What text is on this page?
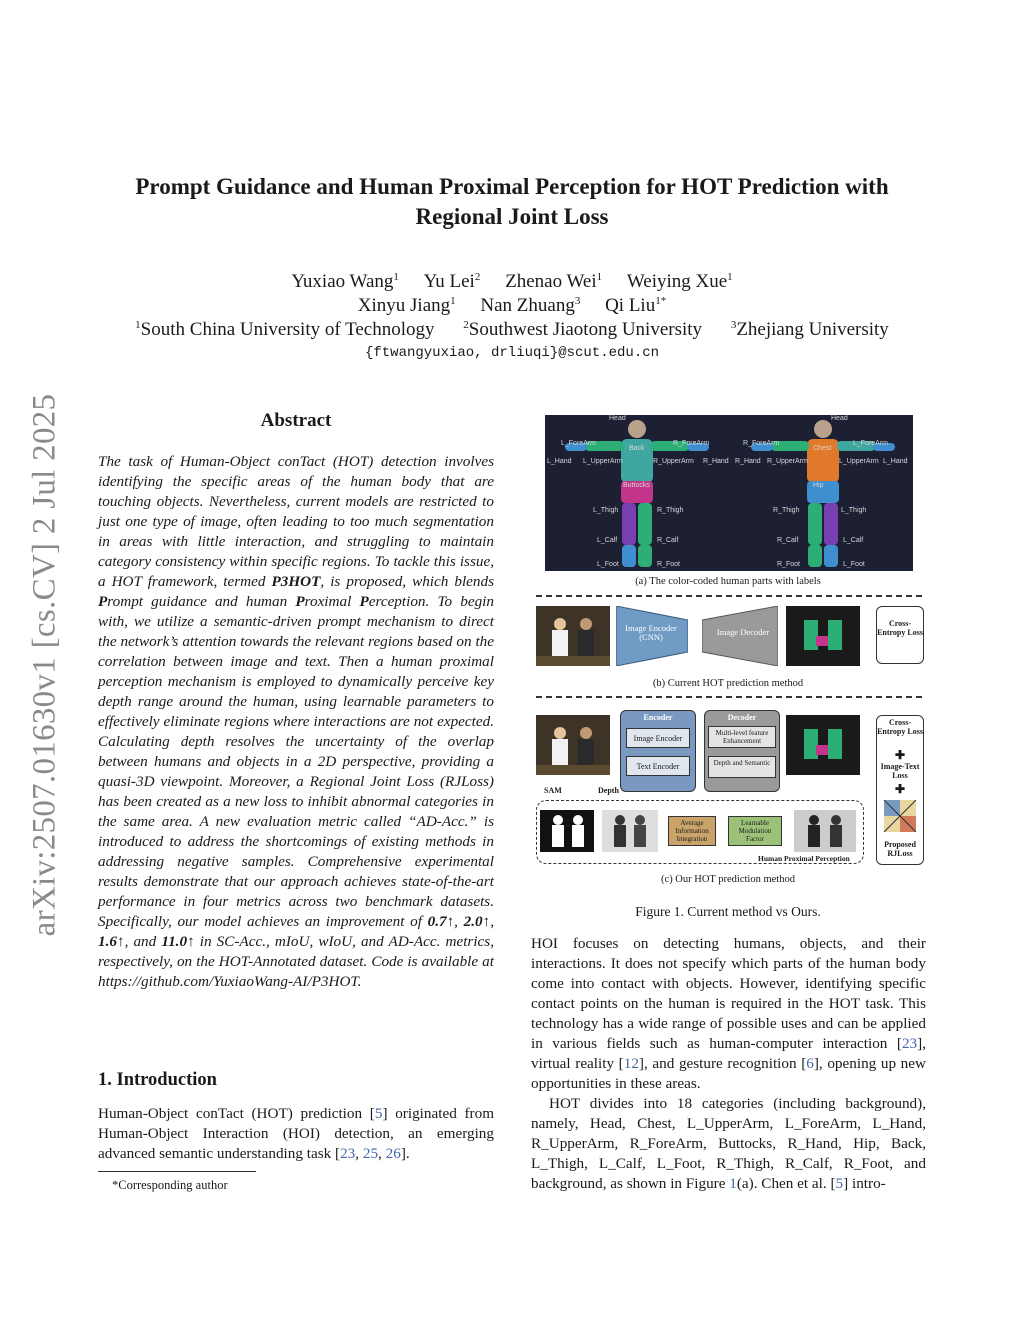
arXiv:2507.01630v1 [cs.CV] 2 Jul 2025
Prompt Guidance and Human Proximal Perception for HOT Prediction with Regional Joint Loss
Yuxiao Wang$^1$ Yu Lei$^2$ Zhenao Wei$^1$ Weiying Xue$^1$
Xinyu Jiang$^1$ Nan Zhuang$^3$ Qi Liu$^{1*}$
$^1$South China University of Technology	$^2$Southwest Jiaotong University	$^3$Zhejiang University
{ftwangyuxiao, drliuqi}@scut.edu.cn
Abstract
The task of Human-Object conTact (HOT) detection involves identifying the specific areas of the human body that are touching objects. Nevertheless, current models are restricted to just one type of image, often leading to too much segmentation in areas with little interaction, and struggling to maintain category consistency within specific regions. To tackle this issue, a HOT framework, termed P3HOT, is proposed, which blends Prompt guidance and human Proximal Perception. To begin with, we utilize a semantic-driven prompt mechanism to direct the network’s attention towards the relevant regions based on the correlation between image and text. Then a human proximal perception mechanism is employed to dynamically perceive key depth range around the human, using learnable parameters to effectively eliminate regions where interactions are not expected. Calculating depth resolves the uncertainty of the overlap between humans and objects in a 2D perspective, providing a quasi-3D viewpoint. Moreover, a Regional Joint Loss (RJLoss) has been created as a new loss to inhibit abnormal categories in the same area. A new evaluation metric called “AD-Acc.” is introduced to address the shortcomings of existing methods in addressing negative samples. Comprehensive experimental results demonstrate that our approach achieves state-of-the-art performance in four metrics across two benchmark datasets. Specifically, our model achieves an improvement of 0.7↑, 2.0↑, 1.6↑, and 11.0↑ in SC-Acc., mIoU, wIoU, and AD-Acc. metrics, respectively, on the HOT-Annotated dataset. Code is available at https://github.com/YuxiaoWang-AI/P3HOT.
1. Introduction
Human-Object conTact (HOT) prediction [5] originated from Human-Object Interaction (HOI) detection, an emerging advanced semantic understanding task [23, 25, 26].
*Corresponding author
Head
L_ForeArm	R_ForeArm
Back
L_Hand L_UpperArm	R_UpperArm R_Hand
Buttocks
L_Thigh	R_Thigh
L_Calf	R_Calf
L_Foot	R_Foot
Head
R_ForeArm	L_ForeArm
Chest
R_Hand R_UpperArm	L_UpperArm L_Hand
Hip
R_Thigh	L_Thigh
R_Calf	L_Calf
R_Foot	L_Foot
(a) The color-coded human parts with labels
Image Encoder (CNN)	Image Decoder
Cross-Entropy Loss
(b) Current HOT prediction method
Encoder
Image Encoder
Text Encoder
Decoder
Multi-level feature Enhancement
Depth and Semantic
SAM	Depth
Average Information Integration
Learnable Modulation Factor
Human Proximal Perception
Cross-Entropy Loss
✚
Image-Text Loss
✚
Proposed RJLoss
(c) Our HOT prediction method
Figure 1. Current method vs Ours.
HOI focuses on detecting humans, objects, and their interactions. It does not specify which parts of the human body come into contact with objects. However, identifying specific contact points on the human is required in the HOT task. This technology has a wide range of possible uses and can be applied in various fields such as human-computer interaction [23], virtual reality [12], and gesture recognition [6], opening up new opportunities in these areas.
HOT divides into 18 categories (including background), namely, Head, Chest, L_UpperArm, L_ForeArm, L_Hand, R_UpperArm, R_ForeArm, Buttocks, R_Hand, Hip, Back, L_Thigh, L_Calf, L_Foot, R_Thigh, R_Calf, R_Foot, and background, as shown in Figure 1(a). Chen et al. [5] intro-
